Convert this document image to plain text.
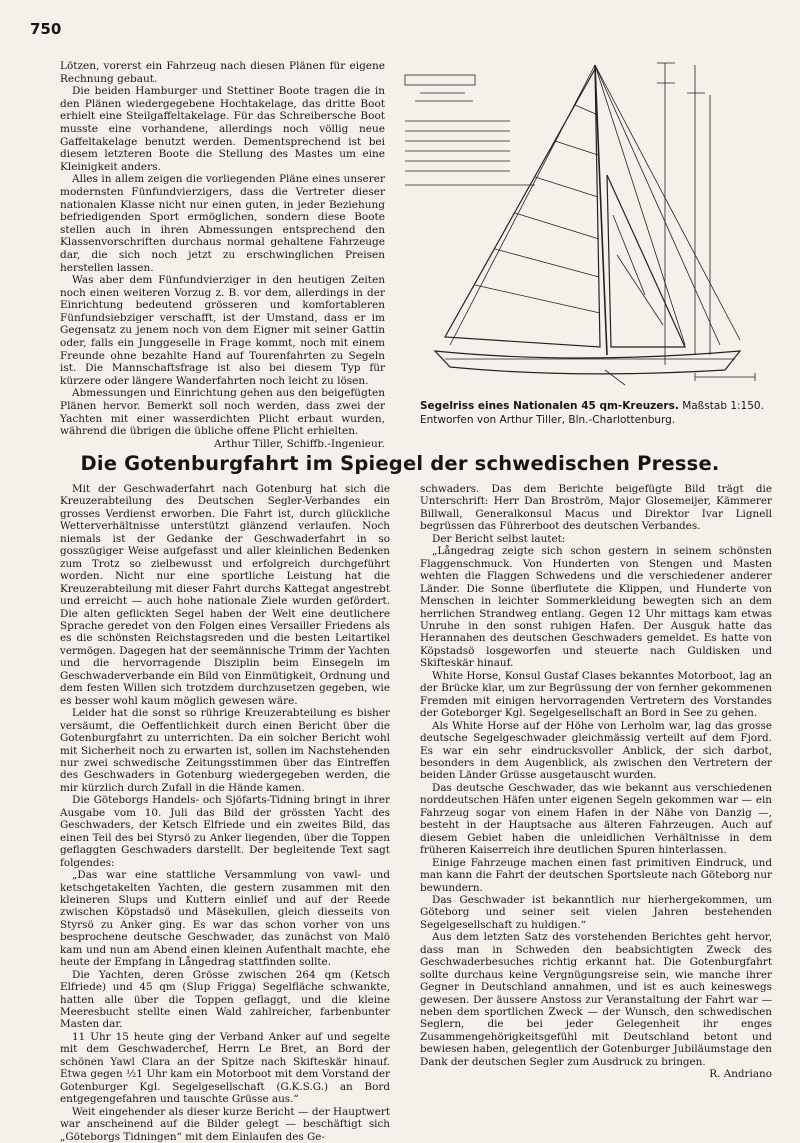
750

Lötzen, vorerst ein Fahrzeug nach diesen Plänen für eigene Rechnung gebaut.

Die beiden Hamburger und Stettiner Boote tragen die in den Plänen wiedergegebene Hochtakelage, das dritte Boot erhielt eine Steilgaffeltakelage. Für das Schreibersche Boot musste eine vorhandene, allerdings noch völlig neue Gaffeltakelage benutzt werden. Dementsprechend ist bei diesem letzteren Boote die Stellung des Mastes um eine Kleinigkeit anders.

Alles in allem zeigen die vorliegenden Pläne eines unserer modernsten Fünfundvierzigers, dass die Vertreter dieser nationalen Klasse nicht nur einen guten, in jeder Beziehung befriedigenden Sport ermöglichen, sondern diese Boote stellen auch in ihren Abmessungen entsprechend den Klassenvorschriften durchaus normal gehaltene Fahrzeuge dar, die sich noch jetzt zu erschwinglichen Preisen herstellen lassen.

Was aber dem Fünfundvierziger in den heutigen Zeiten noch einen weiteren Vorzug z. B. vor dem, allerdings in der Einrichtung bedeutend grösseren und komfortableren Fünfundsiebziger verschafft, ist der Umstand, dass er im Gegensatz zu jenem noch von dem Eigner mit seiner Gattin oder, falls ein Junggeselle in Frage kommt, noch mit einem Freunde ohne bezahlte Hand auf Tourenfahrten zu Segeln ist. Die Mannschaftsfrage ist also bei diesem Typ für kürzere oder längere Wanderfahrten noch leicht zu lösen.

Abmessungen und Einrichtung gehen aus den beigefügten Plänen hervor. Bemerkt soll noch werden, dass zwei der Yachten mit einer wasserdichten Plicht erbaut wurden, während die übrigen die übliche offene Plicht erhielten.

Arthur Tiller, Schiffb.-Ingenieur.
Segelriss eines Nationalen 45 qm-Kreuzers. Maßstab 1:150.
Entworfen von Arthur Tiller, Bln.-Charlottenburg.
Die Gotenburgfahrt im Spiegel der schwedischen Presse.

Mit der Geschwaderfahrt nach Gotenburg hat sich die Kreuzerabteilung des Deutschen Segler-Verbandes ein grosses Verdienst erworben. Die Fahrt ist, durch glückliche Wetterverhältnisse unterstützt glänzend verlaufen. Noch niemals ist der Gedanke der Geschwaderfahrt in so gosszügiger Weise aufgefasst und aller kleinlichen Bedenken zum Trotz so zielbewusst und erfolgreich durchgeführt worden. Nicht nur eine sportliche Leistung hat die Kreuzerabteilung mit dieser Fahrt durchs Kattegat angestrebt und erreicht — auch hohe nationale Ziele wurden gefördert. Die alten geflickten Segel haben der Welt eine deutlichere Sprache geredet von den Folgen eines Versailler Friedens als es die schönsten Reichstagsreden und die besten Leitartikel vermögen. Dagegen hat der seemännische Trimm der Yachten und die hervorragende Disziplin beim Einsegeln im Geschwaderverbande ein Bild von Einmütigkeit, Ordnung und dem festen Willen sich trotzdem durchzusetzen gegeben, wie es besser wohl kaum möglich gewesen wäre.

Leider hat die sonst so rührige Kreuzerabteilung es bisher versäumt, die Oeffentlichkeit durch einen Bericht über die Gotenburgfahrt zu unterrichten. Da ein solcher Bericht wohl mit Sicherheit noch zu erwarten ist, sollen im Nachstehenden nur zwei schwedische Zeitungsstimmen über das Eintreffen des Geschwaders in Gotenburg wiedergegeben werden, die mir kürzlich durch Zufall in die Hände kamen.

Die Göteborgs Handels- och Sjöfarts-Tidning bringt in ihrer Ausgabe vom 10. Juli das Bild der grössten Yacht des Geschwaders, der Ketsch Elfriede und ein zweites Bild, das einen Teil des bei Styrsö zu Anker liegenden, über die Toppen geflaggten Geschwaders darstellt. Der begleitende Text sagt folgendes:

„Das war eine stattliche Versammlung von vawl- und ketschgetakelten Yachten, die gestern zusammen mit den kleineren Slups und Kuttern einlief und auf der Reede zwischen Köpstadsö und Mäsekullen, gleich diesseits von Styrsö zu Anker ging. Es war das schon vorher von uns besprochene deutsche Geschwader, das zunächst von Malö kam und nun am Abend einen kleinen Aufenthalt machte, ehe heute der Empfang in Långedrag stattfinden sollte.

Die Yachten, deren Grösse zwischen 264 qm (Ketsch Elfriede) und 45 qm (Slup Frigga) Segelfläche schwankte, hatten alle über die Toppen geflaggt, und die kleine Meeresbucht stellte einen Wald zahlreicher, farbenbunter Masten dar.

11 Uhr 15 heute ging der Verband Anker auf und segelte mit dem Geschwaderchef, Herrn Le Bret, an Bord der schönen Yawl Clara an der Spitze nach Skifteskär hinauf. Etwa gegen ½1 Uhr kam ein Motorboot mit dem Vorstand der Gotenburger Kgl. Segelgesellschaft (G.K.S.G.) an Bord entgegengefahren und tauschte Grüsse aus.“

Weit eingehender als dieser kurze Bericht — der Hauptwert war anscheinend auf die Bilder gelegt — beschäftigt sich „Göteborgs Tidningen“ mit dem Einlaufen des Ge-

schwaders. Das dem Berichte beigefügte Bild trägt die Unterschrift: Herr Dan Broström, Major Glosemeijer, Kämmerer Billwall, Generalkonsul Macus und Direktor Ivar Lignell begrüssen das Führerboot des deutschen Verbandes.

Der Bericht selbst lautet:

„Långedrag zeigte sich schon gestern in seinem schönsten Flaggenschmuck. Von Hunderten von Stengen und Masten wehten die Flaggen Schwedens und die verschiedener anderer Länder. Die Sonne überflutete die Klippen, und Hunderte von Menschen in leichter Sommerkleidung bewegten sich an dem herrlichen Strandweg entlang. Gegen 12 Uhr mittags kam etwas Unruhe in den sonst ruhigen Hafen. Der Ausguk hatte das Herannahen des deutschen Geschwaders gemeldet. Es hatte von Köpstadsö losgeworfen und steuerte nach Guldisken und Skifteskär hinauf.

White Horse, Konsul Gustaf Clases bekanntes Motorboot, lag an der Brücke klar, um zur Begrüssung der von fernher gekommenen Fremden mit einigen hervorragenden Vertretern des Vorstandes der Goteborger Kgl. Segelgesellschaft an Bord in See zu gehen.

Als White Horse auf der Höhe von Lerholm war, lag das grosse deutsche Segelgeschwader gleichmässig verteilt auf dem Fjord. Es war ein sehr eindrucksvoller Anblick, der sich darbot, besonders in dem Augenblick, als zwischen den Vertretern der beiden Länder Grüsse ausgetauscht wurden.

Das deutsche Geschwader, das wie bekannt aus verschiedenen norddeutschen Häfen unter eigenen Segeln gekommen war — ein Fahrzeug sogar von einem Hafen in der Nähe von Danzig —, besteht in der Hauptsache aus älteren Fahrzeugen. Auch auf diesem Gebiet haben die unleidlichen Verhältnisse in dem früheren Kaiserreich ihre deutlichen Spuren hinterlassen.

Einige Fahrzeuge machen einen fast primitiven Eindruck, und man kann die Fahrt der deutschen Sportsleute nach Göteborg nur bewundern.

Das Geschwader ist bekanntlich nur hierhergekommen, um Göteborg und seiner seit vielen Jahren bestehenden Segelgesellschaft zu huldigen.“

Aus dem letzten Satz des vorstehenden Berichtes geht hervor, dass man in Schweden den beabsichtigten Zweck des Geschwaderbesuches richtig erkannt hat. Die Gotenburgfahrt sollte durchaus keine Vergnügungsreise sein, wie manche ihrer Gegner in Deutschland annahmen, und ist es auch keineswegs gewesen. Der äussere Anstoss zur Veranstaltung der Fahrt war — neben dem sportlichen Zweck — der Wunsch, den schwedischen Seglern, die bei jeder Gelegenheit ihr enges Zusammengehörigkeitsgefühl mit Deutschland betont und bewiesen haben, gelegentlich der Gotenburger Jubiläumstage den Dank der deutschen Segler zum Ausdruck zu bringen.

R. Andriano
